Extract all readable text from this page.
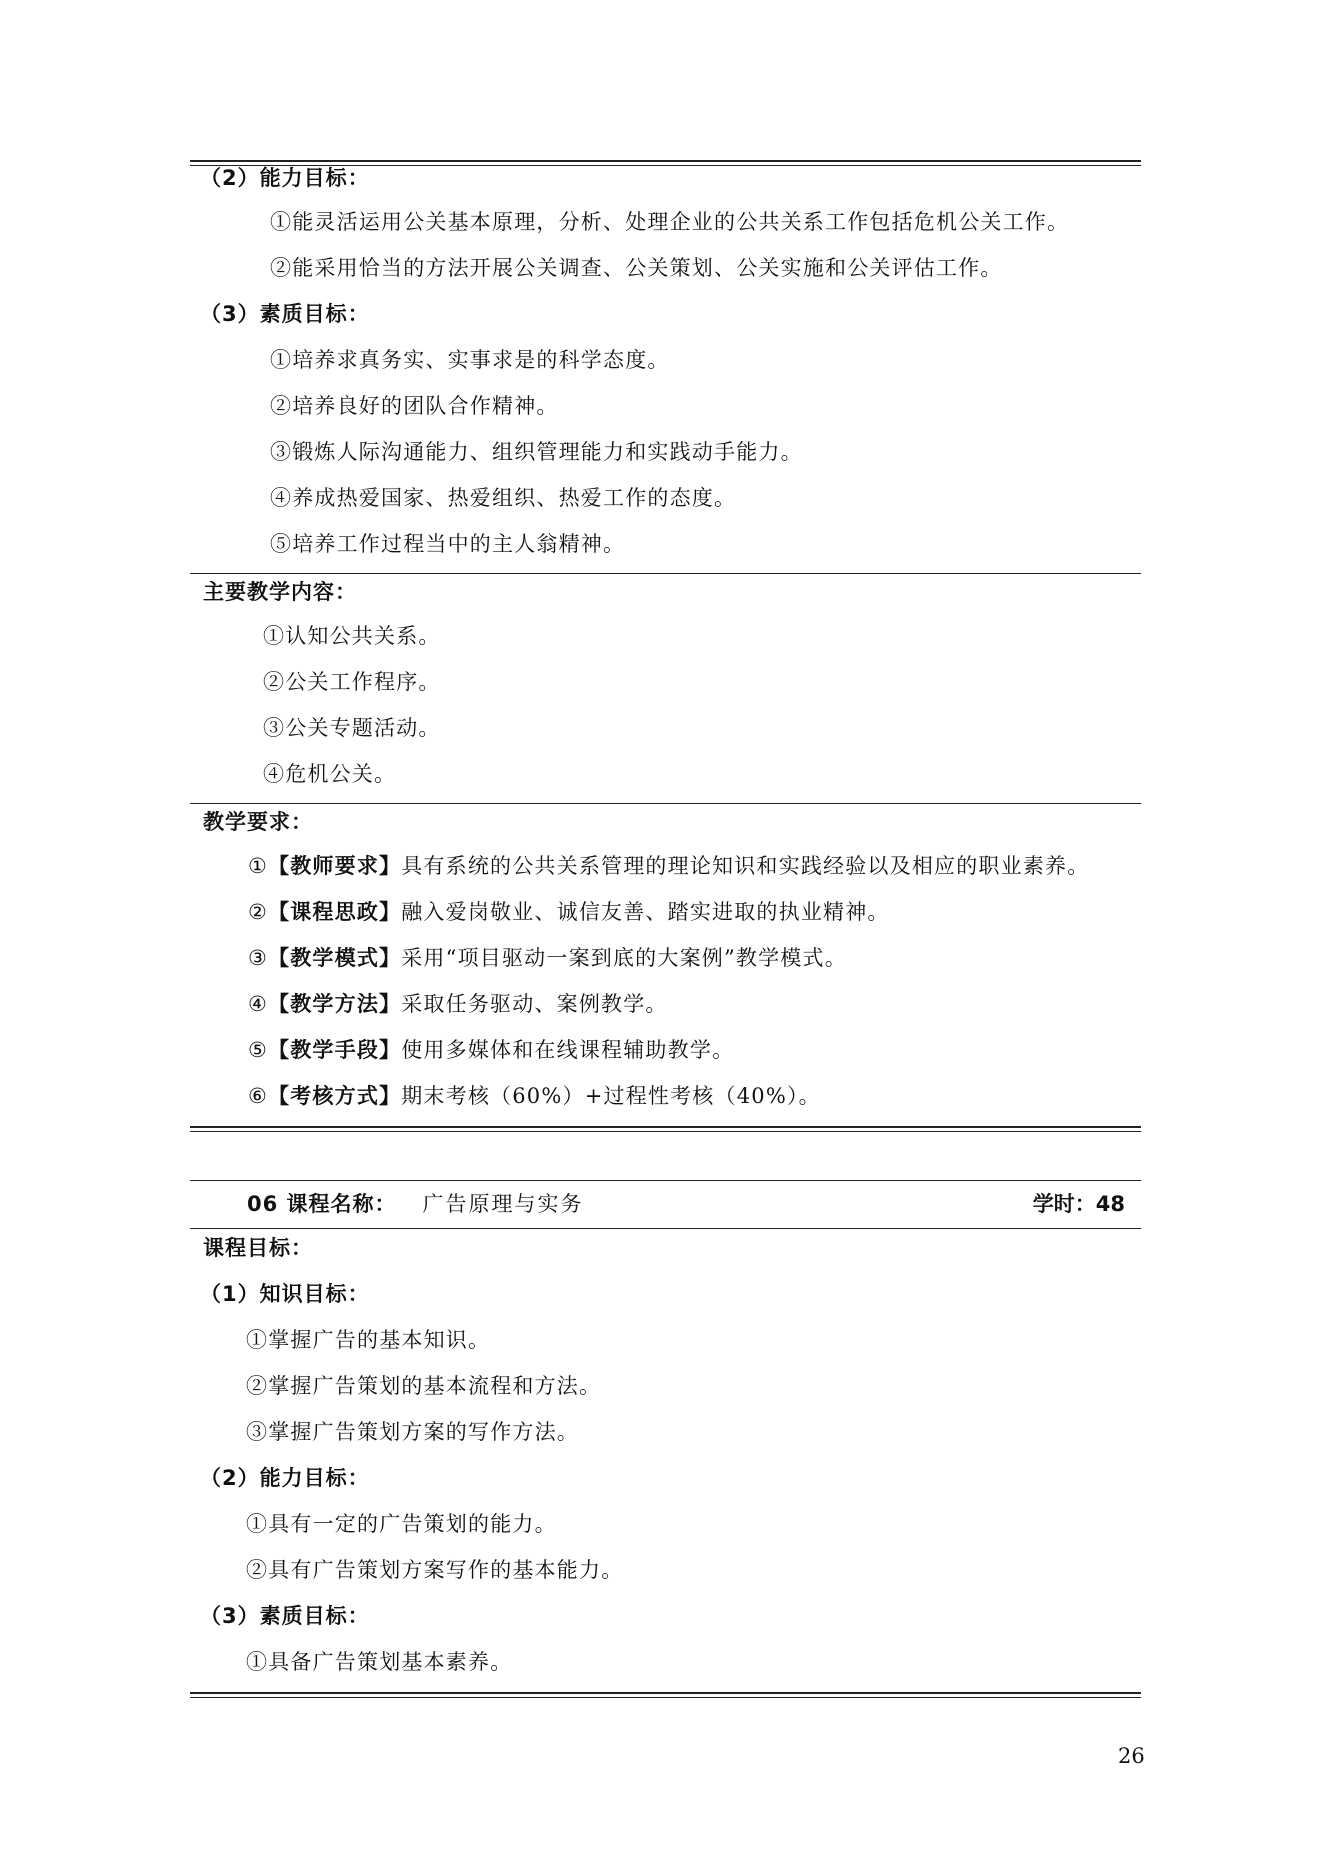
（2）能力目标：
①能灵活运用公关基本原理，分析、处理企业的公共关系工作包括危机公关工作。
②能采用恰当的方法开展公关调查、公关策划、公关实施和公关评估工作。
（3）素质目标：
①培养求真务实、实事求是的科学态度。
②培养良好的团队合作精神。
③锻炼人际沟通能力、组织管理能力和实践动手能力。
④养成热爱国家、热爱组织、热爱工作的态度。
⑤培养工作过程当中的主人翁精神。
主要教学内容：
①认知公共关系。
②公关工作程序。
③公关专题活动。
④危机公关。
教学要求：
①【教师要求】具有系统的公共关系管理的理论知识和实践经验以及相应的职业素养。
②【课程思政】融入爱岗敬业、诚信友善、踏实进取的执业精神。
③【教学模式】采用“项目驱动一案到底的大案例”教学模式。
④【教学方法】采取任务驱动、案例教学。
⑤【教学手段】使用多媒体和在线课程辅助教学。
⑥【考核方式】期末考核（60%）+过程性考核（40%）。
06 课程名称： 广告原理与实务	学时：48
课程目标：
（1）知识目标：
①掌握广告的基本知识。
②掌握广告策划的基本流程和方法。
③掌握广告策划方案的写作方法。
（2）能力目标：
①具有一定的广告策划的能力。
②具有广告策划方案写作的基本能力。
（3）素质目标：
①具备广告策划基本素养。
26
